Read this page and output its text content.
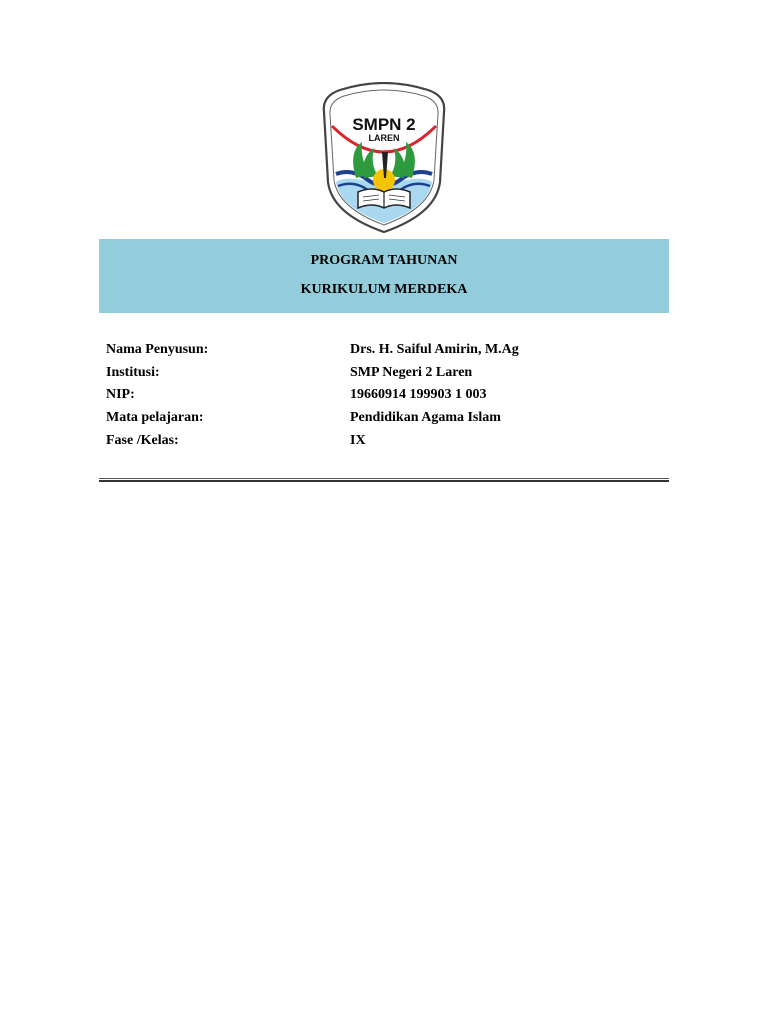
SMPN 2
LAREN
PROGRAM TAHUNAN
KURIKULUM MERDEKA
Nama Penyusun:	Drs. H. Saiful Amirin, M.Ag
Institusi:	SMP Negeri 2 Laren
NIP:	19660914 199903 1 003
Mata pelajaran:	Pendidikan Agama Islam
Fase /Kelas:	IX
